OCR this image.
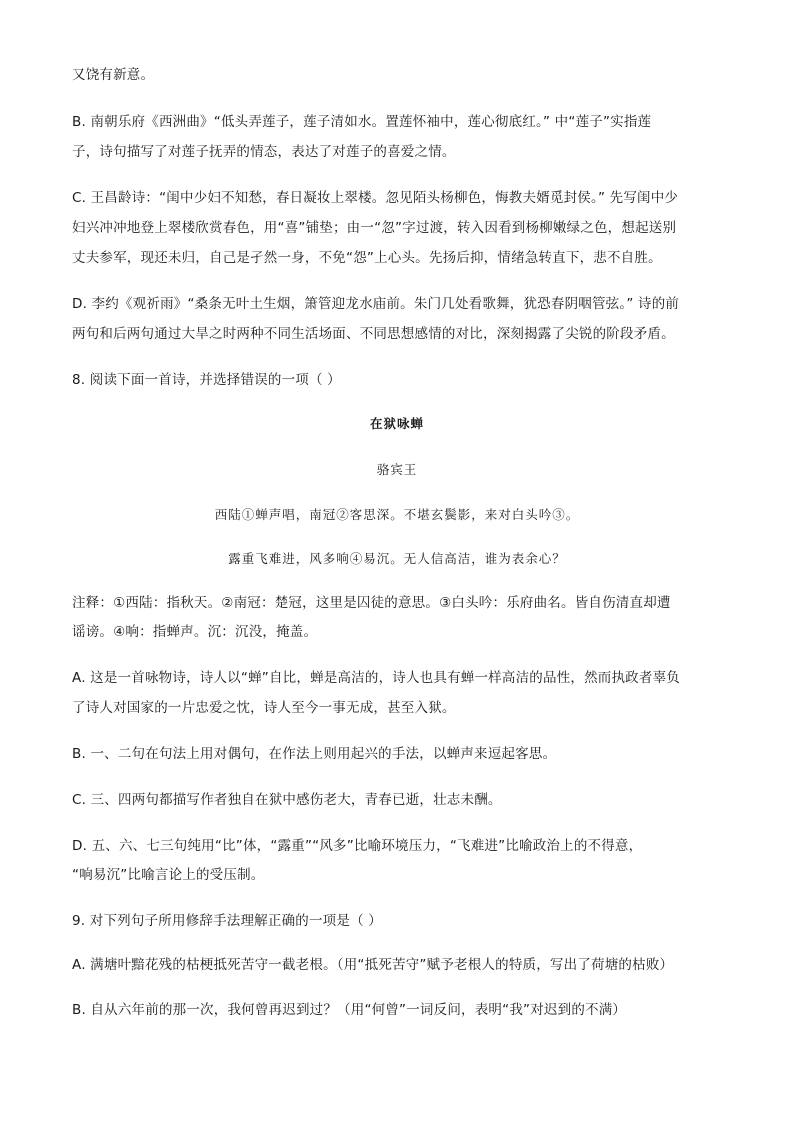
又饶有新意。
B. 南朝乐府《西洲曲》“低头弄莲子，莲子清如水。置莲怀袖中，莲心彻底红。” 中“莲子”实指莲
子，诗句描写了对莲子抚弄的情态，表达了对莲子的喜爱之情。
C. 王昌龄诗：“闺中少妇不知愁，春日凝妆上翠楼。忽见陌头杨柳色，悔教夫婿觅封侯。” 先写闺中少
妇兴冲冲地登上翠楼欣赏春色，用“喜”铺垫；由一“忽”字过渡，转入因看到杨柳嫩绿之色，想起送别
丈夫参军，现还未归，自己是孑然一身，不免“怨”上心头。先扬后抑，情绪急转直下，悲不自胜。
D. 李约《观祈雨》“桑条无叶土生烟，箫管迎龙水庙前。朱门几处看歌舞，犹恐春阴咽管弦。” 诗的前
两句和后两句通过大旱之时两种不同生活场面、不同思想感情的对比，深刻揭露了尖锐的阶段矛盾。
8. 阅读下面一首诗，并选择错误的一项（ ）
在狱咏蝉
骆宾王
西陆①蝉声唱，南冠②客思深。不堪玄鬓影，来对白头吟③。
露重飞难进，风多响④易沉。无人信高洁，谁为表余心？
注释：①西陆：指秋天。②南冠：楚冠，这里是囚徒的意思。③白头吟：乐府曲名。皆自伤清直却遭
谣谤。④响：指蝉声。沉：沉没，掩盖。
A. 这是一首咏物诗，诗人以“蝉”自比，蝉是高洁的，诗人也具有蝉一样高洁的品性，然而执政者辜负
了诗人对国家的一片忠爱之忱，诗人至今一事无成，甚至入狱。
B. 一、二句在句法上用对偶句，在作法上则用起兴的手法，以蝉声来逗起客思。
C. 三、四两句都描写作者独自在狱中感伤老大，青春已逝，壮志未酬。
D. 五、六、七三句纯用“比”体，“露重”“风多”比喻环境压力，“飞难进”比喻政治上的不得意，
“响易沉”比喻言论上的受压制。
9. 对下列句子所用修辞手法理解正确的一项是（ ）
A. 满塘叶黯花残的枯梗抵死苦守一截老根。（用“抵死苦守”赋予老根人的特质，写出了荷塘的枯败）
B. 自从六年前的那一次，我何曾再迟到过？（用“何曾”一词反问，表明“我”对迟到的不满）
